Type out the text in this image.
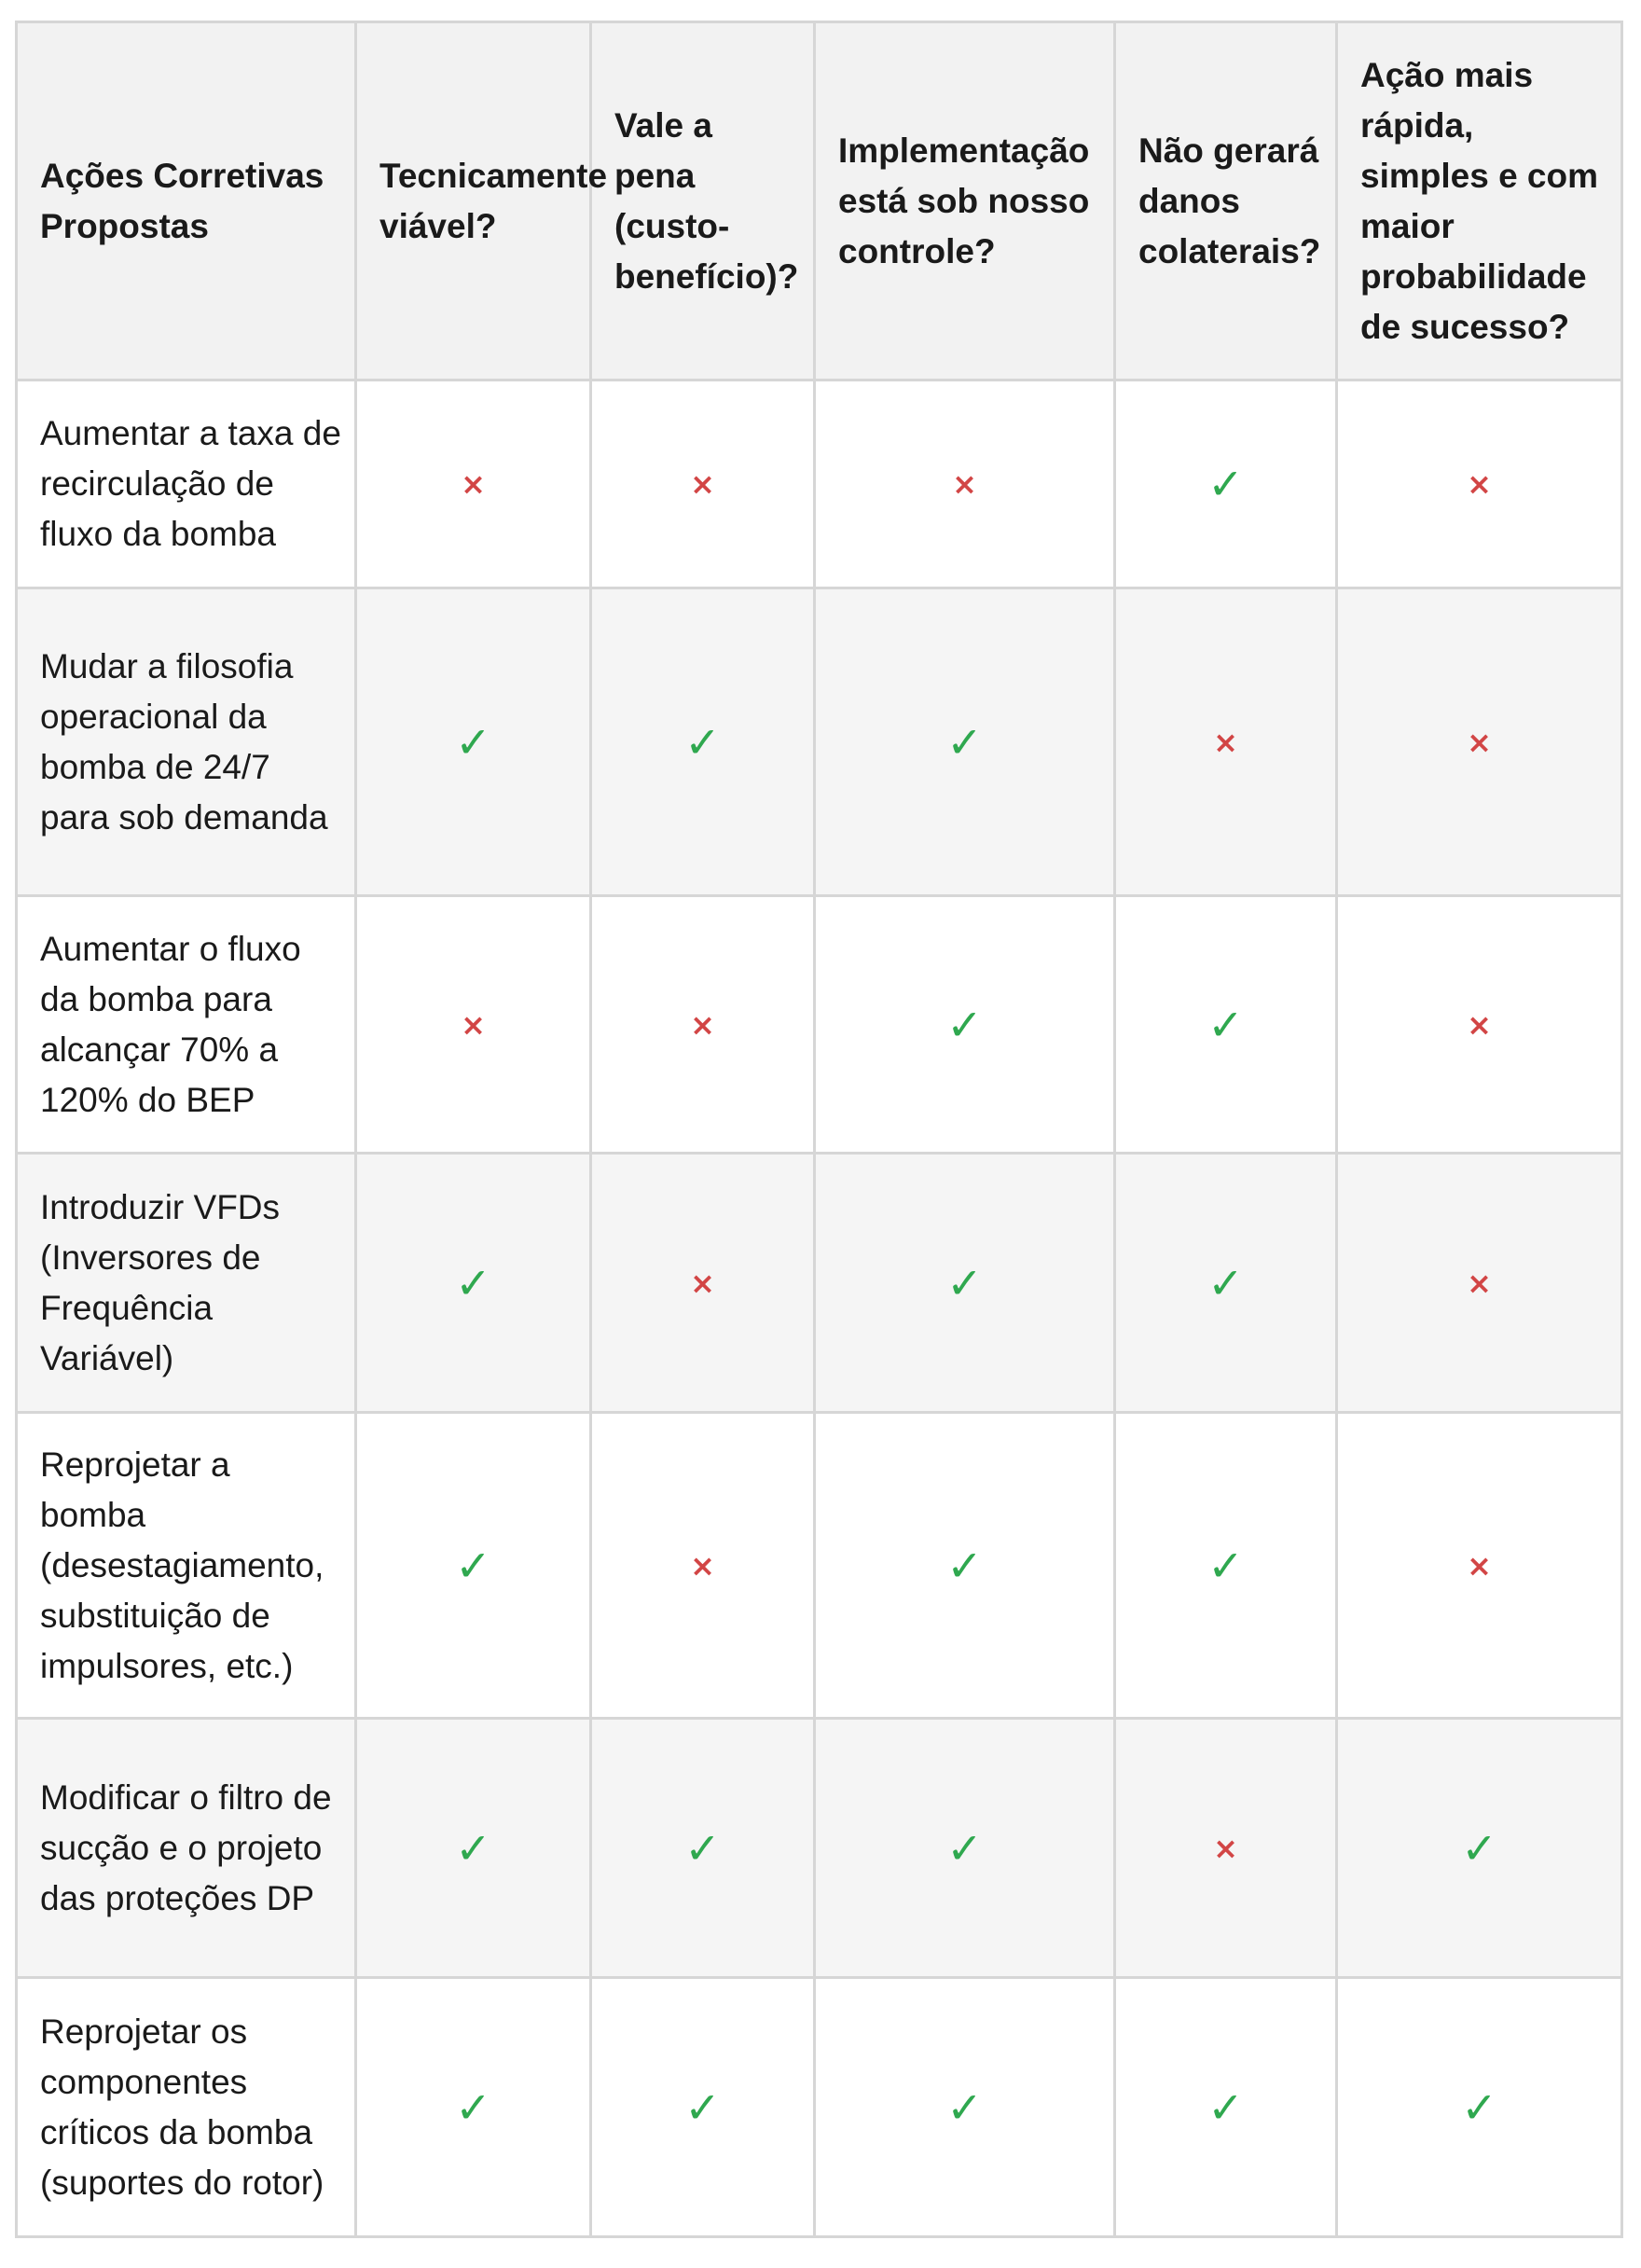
Ações Corretivas Propostas	Tecnicamente viável?	Vale a pena (custo-benefício)?	Implementação está sob nosso controle?	Não gerará danos colaterais?	Ação mais rápida, simples e com maior probabilidade de sucesso?
Aumentar a taxa de recirculação de fluxo da bomba	×	×	×	✓	×
Mudar a filosofia operacional da bomba de 24/7 para sob demanda	✓	✓	✓	×	×
Aumentar o fluxo da bomba para alcançar 70% a 120% do BEP	×	×	✓	✓	×
Introduzir VFDs (Inversores de Frequência Variável)	✓	×	✓	✓	×
Reprojetar a bomba (desestagiamento, substituição de impulsores, etc.)	✓	×	✓	✓	×
Modificar o filtro de sucção e o projeto das proteções DP	✓	✓	✓	×	✓
Reprojetar os componentes críticos da bomba (suportes do rotor)	✓	✓	✓	✓	✓
